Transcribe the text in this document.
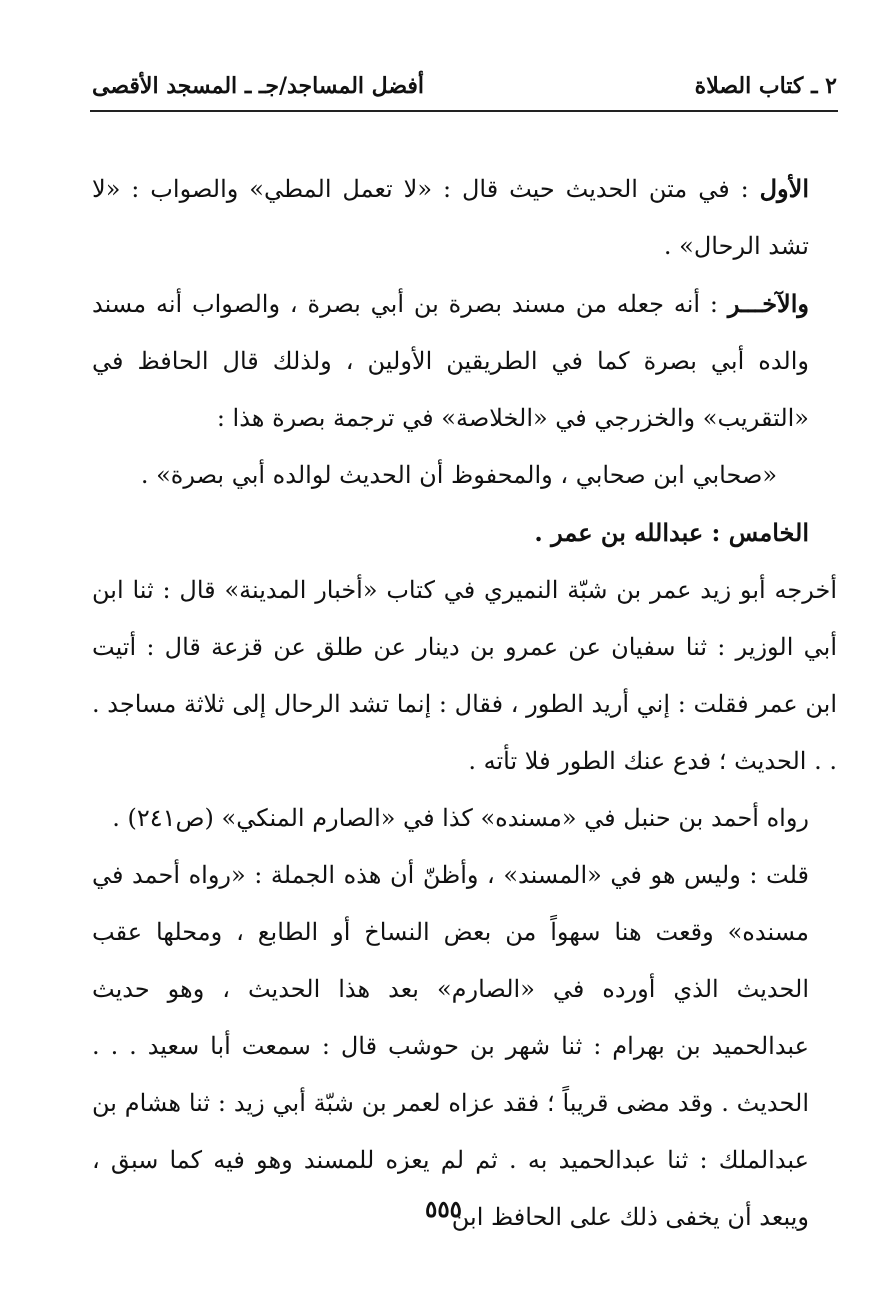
٢ ـ كتاب الصلاة
أفضل المساجد/جـ ـ المسجد الأقصى

الأول : في متن الحديث حيث قال : «لا تعمل المطي» والصواب : «لا تشد الرحال» .

والآخـــر : أنه جعله من مسند بصرة بن أبي بصرة ، والصواب أنه مسند والده أبي بصرة كما في الطريقين الأولين ، ولذلك قال الحافظ في «التقريب» والخزرجي في «الخلاصة» في ترجمة بصرة هذا :

«صحابي ابن صحابي ، والمحفوظ أن الحديث لوالده أبي بصرة» .

الخامس : عبدالله بن عمر .

أخرجه أبو زيد عمر بن شبّة النميري في كتاب «أخبار المدينة» قال : ثنا ابن أبي الوزير : ثنا سفيان عن عمرو بن دينار عن طلق عن قزعة قال : أتيت ابن عمر فقلت : إني أريد الطور ، فقال : إنما تشد الرحال إلى ثلاثة مساجد . . . الحديث ؛ فدع عنك الطور فلا تأته .

رواه أحمد بن حنبل في «مسنده» كذا في «الصارم المنكي» (ص٢٤١) .

قلت : وليس هو في «المسند» ، وأظنّ أن هذه الجملة : «رواه أحمد في مسنده» وقعت هنا سهواً من بعض النساخ أو الطابع ، ومحلها عقب الحديث الذي أورده في «الصارم» بعد هذا الحديث ، وهو حديث عبدالحميد بن بهرام : ثنا شهر بن حوشب قال : سمعت أبا سعيد . . . الحديث . وقد مضى قريباً ؛ فقد عزاه لعمر بن شبّة أبي زيد : ثنا هشام بن عبدالملك : ثنا عبدالحميد به . ثم لم يعزه للمسند وهو فيه كما سبق ، ويبعد أن يخفى ذلك على الحافظ ابن

٥٥٥
